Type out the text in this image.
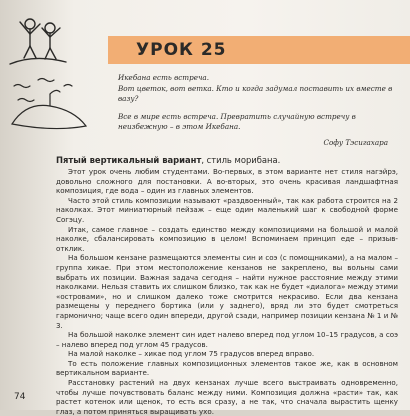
УРОК 25

Икебана есть встреча.

Вот цветок, вот ветка. Кто и когда задумал поставить их вместе в вазу?

Все в мире есть встреча. Превратить случайную встречу в неизбежную – в этом Икебана.

Софу Тэсигахара

Пятый вертикальный вариант, стиль морибана.

Этот урок очень любим студентами. Во-первых, в этом варианте нет стиля нагэйрэ, довольно сложного для постановки. А во-вторых, это очень красивая ландшафтная композиция, где вода – один из главных элементов.

Часто этой стиль композиции называют «раздвоенный», так как работа строится на 2 наколках. Этот миниатюрный пейзаж – еще один маленький шаг к свободной форме Согэцу.

Итак, самое главное – создать единство между композициями на большой и малой наколке, сбалансировать композицию в целом! Вспоминаем принцип еде – призыв-отклик.

На большом кензане размещаются элементы син и соэ (с помощниками), а на малом – группа хикае. При этом местоположение кензанов не закреплено, вы вольны сами выбрать их позиции. Важная задача сегодня – найти нужное расстояние между этими наколками. Нельзя ставить их слишком близко, так как не будет «диалога» между этими «островами», но и слишком далеко тоже смотрится некрасиво. Если два кензана размещены у переднего бортика (или у заднего), вряд ли это будет смотреться гармонично; чаще всего один впереди, другой сзади, например позиции кензана № 1 и № 3.

На большой наколке элемент син идет налево вперед под углом 10–15 градусов, а соэ – налево вперед под углом 45 градусов.

На малой наколке – хикае под углом 75 градусов вперед вправо.

То есть положение главных композиционных элементов такое же, как в основном вертикальном варианте.

Расстановку растений на двух кензанах лучше всего выстраивать одновременно, чтобы лучше почувствовать баланс между ними. Композиция должна «расти» так, как растет котенок или щенок, то есть вся сразу, а не так, что сначала вырастить щенку глаз, а потом приняться выращивать ухо.

74
